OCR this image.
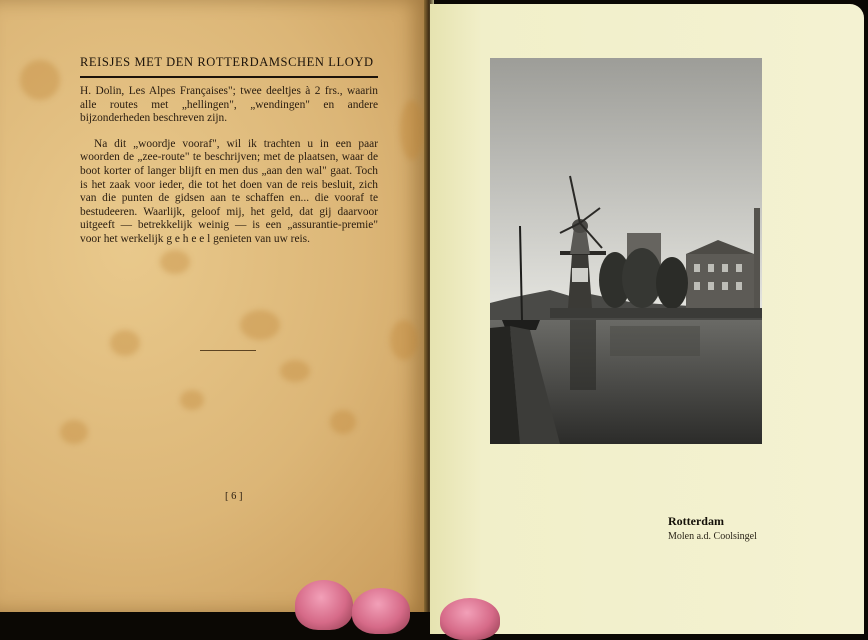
REISJES MET DEN ROTTERDAMSCHEN LLOYD

H. Dolin, Les Alpes Françaises"; twee deeltjes à 2 frs., waarin alle routes met „hellingen", „wendingen" en andere bijzonderheden beschreven zijn.

Na dit „woordje vooraf", wil ik trachten u in een paar woorden de „zee-route" te beschrijven; met de plaatsen, waar de boot korter of langer blijft en men dus „aan den wal" gaat. Toch is het zaak voor ieder, die tot het doen van de reis besluit, zich van die punten de gidsen aan te schaffen en... die vooraf te bestudeeren. Waarlijk, geloof mij, het geld, dat gij daarvoor uitgeeft — betrekkelijk weinig — is een „assurantie-premie" voor het werkelijk g e h e e l genieten van uw reis.

[ 6 ]
Rotterdam
Molen a.d. Coolsingel
